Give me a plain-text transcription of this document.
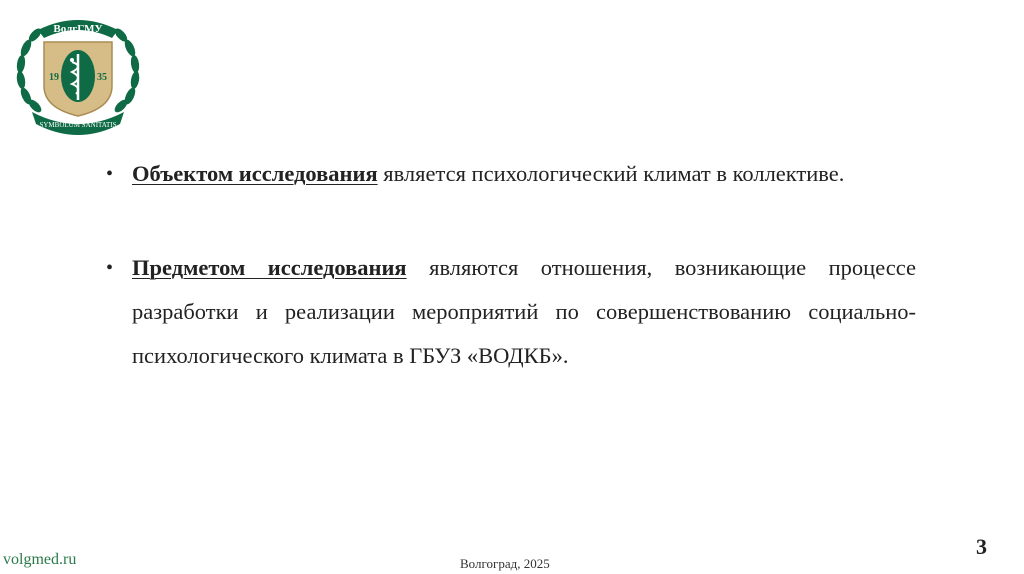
ВолгГМУ
19	35
SYMBOLUM SANITATIS
• Объектом исследования является психологический климат в коллективе.
• Предметом исследования являются отношения, возникающие процессе разработки и реализации мероприятий по совершенствованию социально-психологического климата в ГБУЗ «ВОДКБ».
volgmed.ru	Волгоград, 2025
3
